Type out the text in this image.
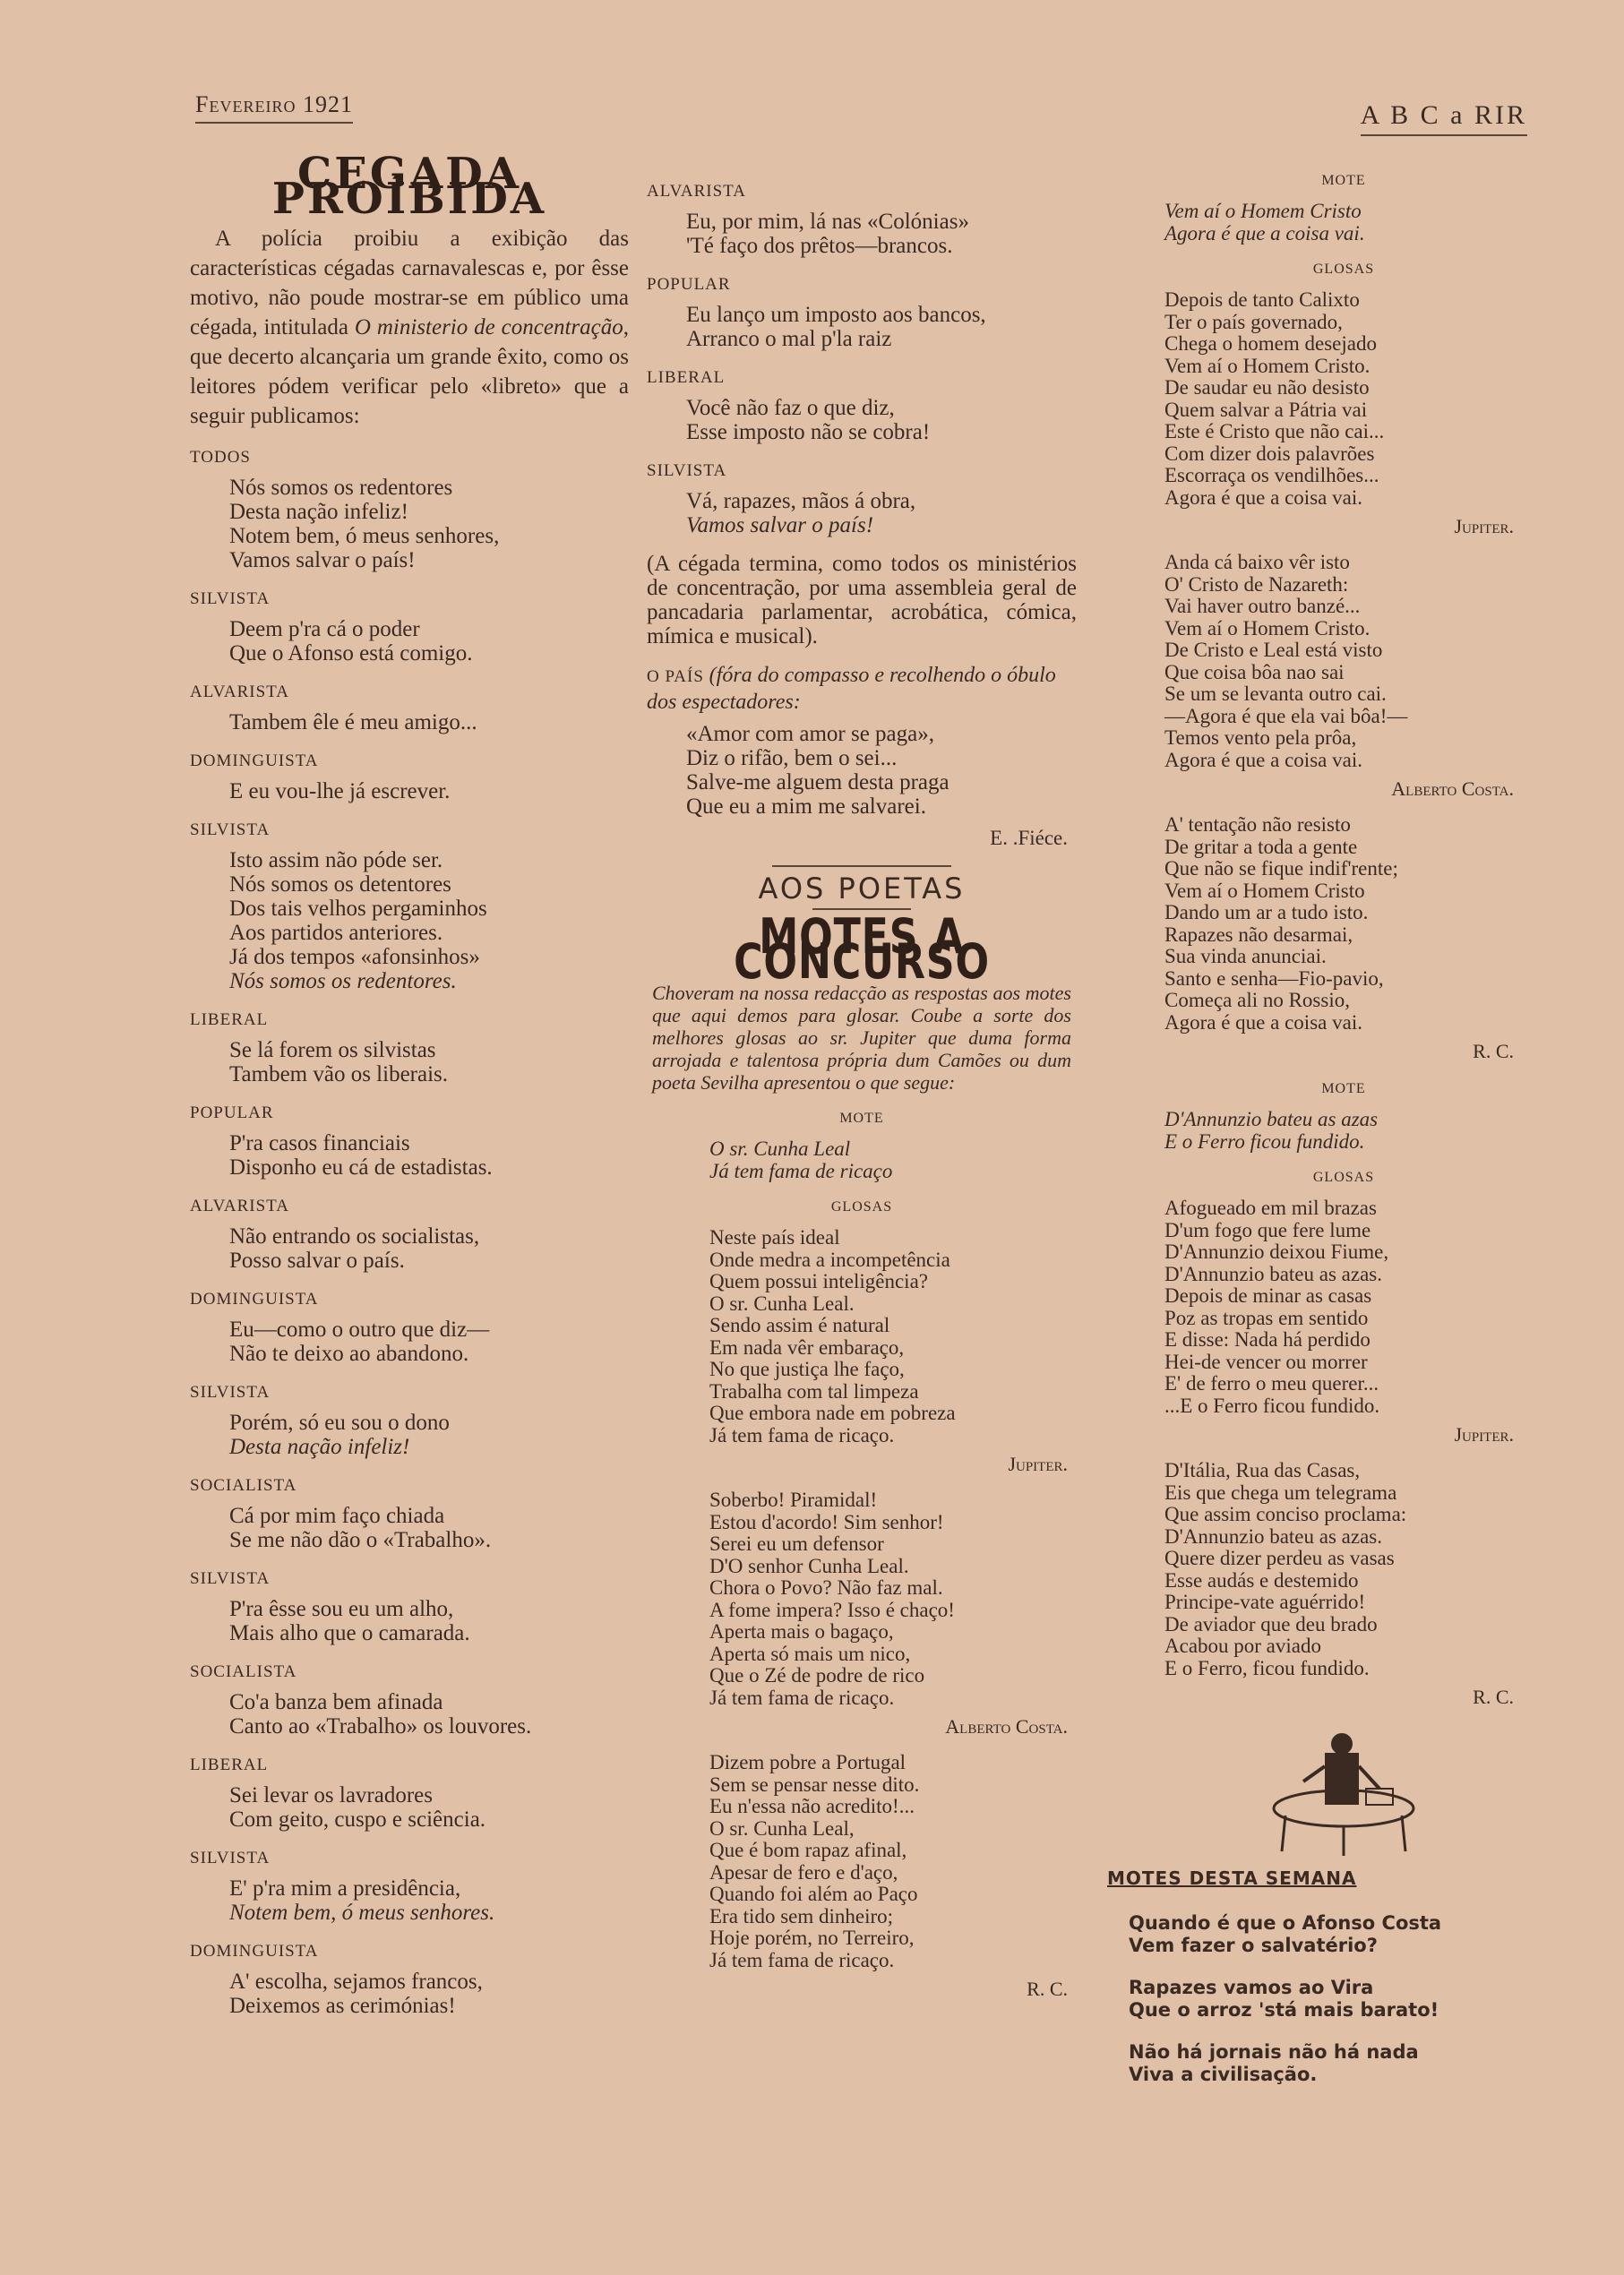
Fevereiro 1921	A B C a RIR
CEGADA PROÍBIDA

A polícia proibiu a exibição das características cégadas carnavalescas e, por êsse motivo, não poude mostrar-se em público uma cégada, intitulada O ministerio de concentração, que decerto alcançaria um grande êxito, como os leitores pódem verificar pelo «libreto» que a seguir publicamos:

TODOS
Nós somos os redentores
Desta nação infeliz!
Notem bem, ó meus senhores,
Vamos salvar o país!
SILVISTA
Deem p'ra cá o poder
Que o Afonso está comigo.
ALVARISTA
Tambem êle é meu amigo...
DOMINGUISTA
E eu vou-lhe já escrever.
SILVISTA
Isto assim não póde ser.
Nós somos os detentores
Dos tais velhos pergaminhos
Aos partidos anteriores.
Já dos tempos «afonsinhos»
Nós somos os redentores.
LIBERAL
Se lá forem os silvistas
Tambem vão os liberais.
POPULAR
P'ra casos financiais
Disponho eu cá de estadistas.
ALVARISTA
Não entrando os socialistas,
Posso salvar o país.
DOMINGUISTA
Eu—como o outro que diz—
Não te deixo ao abandono.
SILVISTA
Porém, só eu sou o dono
Desta nação infeliz!
SOCIALISTA
Cá por mim faço chiada
Se me não dão o «Trabalho».
SILVISTA
P'ra êsse sou eu um alho,
Mais alho que o camarada.
SOCIALISTA
Co'a banza bem afinada
Canto ao «Trabalho» os louvores.
LIBERAL
Sei levar os lavradores
Com geito, cuspo e sciência.
SILVISTA
E' p'ra mim a presidência,
Notem bem, ó meus senhores.
DOMINGUISTA
A' escolha, sejamos francos,
Deixemos as cerimónias!
ALVARISTA
Eu, por mim, lá nas «Colónias»
'Té faço dos prêtos—brancos.
POPULAR
Eu lanço um imposto aos bancos,
Arranco o mal p'la raiz
LIBERAL
Você não faz o que diz,
Esse imposto não se cobra!
SILVISTA
Vá, rapazes, mãos á obra,
Vamos salvar o país!

(A cégada termina, como todos os ministérios de concentração, por uma assembleia geral de pancadaria parlamentar, acrobática, cómica, mímica e musical).

O PAÍS (fóra do compasso e recolhendo o óbulo dos espectadores:
«Amor com amor se paga»,
Diz o rifão, bem o sei...
Salve-me alguem desta praga
Que eu a mim me salvarei.
E. .Fiéce.
AOS POETAS
MOTES A CONCURSO

Choveram na nossa redacção as respostas aos motes que aqui demos para glosar. Coube a sorte dos melhores glosas ao sr. Jupiter que duma forma arrojada e talentosa própria dum Camões ou dum poeta Sevilha apresentou o que segue:

MOTE
O sr. Cunha Leal
Já tem fama de ricaço
GLOSAS
Neste país ideal
Onde medra a incompetência
Quem possui inteligência?
O sr. Cunha Leal.
Sendo assim é natural
Em nada vêr embaraço,
No que justiça lhe faço,
Trabalha com tal limpeza
Que embora nade em pobreza
Já tem fama de ricaço.
Jupiter.
Soberbo! Piramidal!
Estou d'acordo! Sim senhor!
Serei eu um defensor
D'O senhor Cunha Leal.
Chora o Povo? Não faz mal.
A fome impera? Isso é chaço!
Aperta mais o bagaço,
Aperta só mais um nico,
Que o Zé de podre de rico
Já tem fama de ricaço.
Alberto Costa.
Dizem pobre a Portugal
Sem se pensar nesse dito.
Eu n'essa não acredito!...
O sr. Cunha Leal,
Que é bom rapaz afinal,
Apesar de fero e d'aço,
Quando foi além ao Paço
Era tido sem dinheiro;
Hoje porém, no Terreiro,
Já tem fama de ricaço.
R. C.
MOTE
Vem aí o Homem Cristo
Agora é que a coisa vai.
GLOSAS
Depois de tanto Calixto
Ter o país governado,
Chega o homem desejado
Vem aí o Homem Cristo.
De saudar eu não desisto
Quem salvar a Pátria vai
Este é Cristo que não cai...
Com dizer dois palavrões
Escorraça os vendilhões...
Agora é que a coisa vai.
Jupiter.
Anda cá baixo vêr isto
O' Cristo de Nazareth:
Vai haver outro banzé...
Vem aí o Homem Cristo.
De Cristo e Leal está visto
Que coisa bôa nao sai
Se um se levanta outro cai.
—Agora é que ela vai bôa!—
Temos vento pela prôa,
Agora é que a coisa vai.
Alberto Costa.
A' tentação não resisto
De gritar a toda a gente
Que não se fique indif'rente;
Vem aí o Homem Cristo
Dando um ar a tudo isto.
Rapazes não desarmai,
Sua vinda anunciai.
Santo e senha—Fio-pavio,
Começa ali no Rossio,
Agora é que a coisa vai.
R. C.
MOTE
D'Annunzio bateu as azas
E o Ferro ficou fundido.
GLOSAS
Afogueado em mil brazas
D'um fogo que fere lume
D'Annunzio deixou Fiume,
D'Annunzio bateu as azas.
Depois de minar as casas
Poz as tropas em sentido
E disse: Nada há perdido
Hei-de vencer ou morrer
E' de ferro o meu querer...
...E o Ferro ficou fundido.
Jupiter.
D'Itália, Rua das Casas,
Eis que chega um telegrama
Que assim conciso proclama:
D'Annunzio bateu as azas.
Quere dizer perdeu as vasas
Esse audás e destemido
Principe-vate aguérrido!
De aviador que deu brado
Acabou por aviado
E o Ferro, ficou fundido.
R. C.
MOTES DESTA SEMANA
Quando é que o Afonso Costa
Vem fazer o salvatério?
Rapazes vamos ao Vira
Que o arroz 'stá mais barato!
Não há jornais não há nada
Viva a civilisação.
